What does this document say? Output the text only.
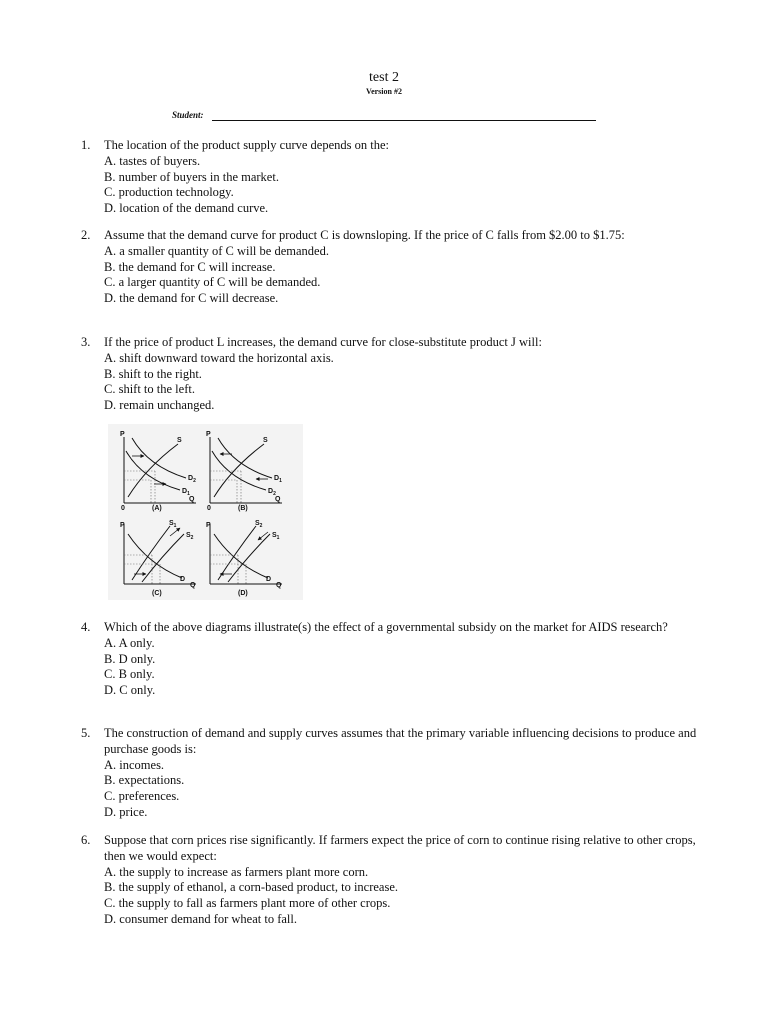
test 2
Version #2
Student:
1. The location of the product supply curve depends on the:
A. tastes of buyers.
B. number of buyers in the market.
C. production technology.
D. location of the demand curve.
2. Assume that the demand curve for product C is downsloping. If the price of C falls from $2.00 to $1.75:
A. a smaller quantity of C will be demanded.
B. the demand for C will increase.
C. a larger quantity of C will be demanded.
D. the demand for C will decrease.
3. If the price of product L increases, the demand curve for close-substitute product J will:
A. shift downward toward the horizontal axis.
B. shift to the right.
C. shift to the left.
D. remain unchanged.
P
S
$D_2$
$D_1$
Q
0	(A)
P
S
$D_1$
$D_2$
Q
0	(B)
P	$S_1$
$S_2$
D
Q
(C)
P	$S_2$
$S_1$
D
Q
(D)
4. Which of the above diagrams illustrate(s) the effect of a governmental subsidy on the market for AIDS research?
A. A only.
B. D only.
C. B only.
D. C only.
5. The construction of demand and supply curves assumes that the primary variable influencing decisions to produce and purchase goods is:
A. incomes.
B. expectations.
C. preferences.
D. price.
6. Suppose that corn prices rise significantly. If farmers expect the price of corn to continue rising relative to other crops, then we would expect:
A. the supply to increase as farmers plant more corn.
B. the supply of ethanol, a corn-based product, to increase.
C. the supply to fall as farmers plant more of other crops.
D. consumer demand for wheat to fall.
